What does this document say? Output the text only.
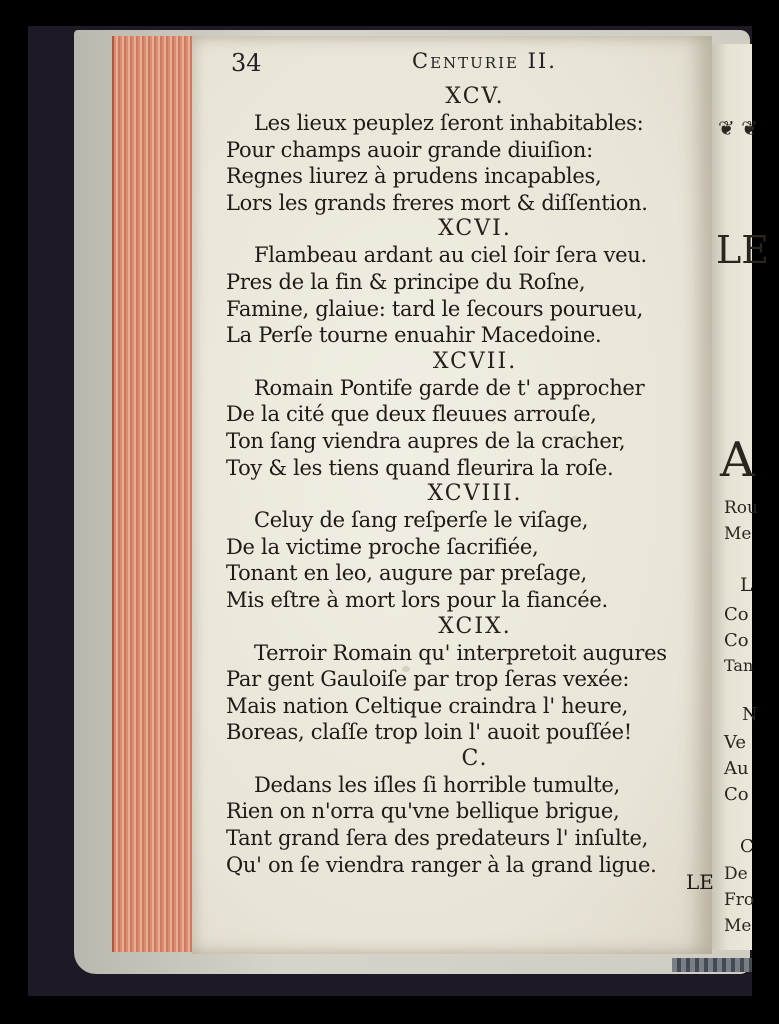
❦ ❦
LE
A
Rou
Me
L
Co
Co
Tan
N
Ve
Au
Co
C
De
Fro
Me
34	Centurie II.
XCV.
Les lieux peuplez ſeront inhabitables:
Pour champs auoir grande diuiſion:
Regnes liurez à prudens incapables,
Lors les grands freres mort & diſſention.
XCVI.
Flambeau ardant au ciel ſoir ſera veu.
Pres de la fin & principe du Roſne,
Famine, glaiue: tard le ſecours pourueu,
La Perſe tourne enuahir Macedoine.
XCVII.
Romain Pontife garde de t' approcher
De la cité que deux fleuues arrouſe,
Ton ſang viendra aupres de la cracher,
Toy & les tiens quand fleurira la roſe.
XCVIII.
Celuy de ſang reſperſe le viſage,
De la victime proche ſacrifiée,
Tonant en leo, augure par preſage,
Mis eſtre à mort lors pour la fiancée.
XCIX.
Terroir Romain qu' interpretoit augures
Par gent Gauloiſe par trop ſeras vexée:
Mais nation Celtique craindra l' heure,
Boreas, claſſe trop loin l' auoit pouſſée!
C.
Dedans les iſles ſi horrible tumulte,
Rien on n'orra qu'vne bellique brigue,
Tant grand ſera des predateurs l' inſulte,
Qu' on ſe viendra ranger à la grand ligue.
LE
